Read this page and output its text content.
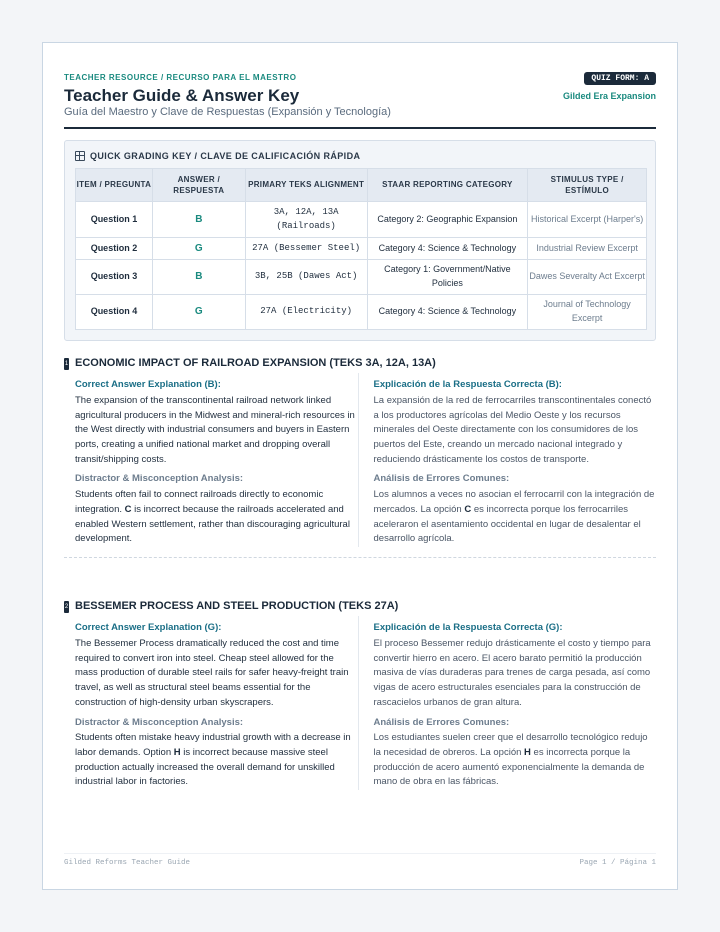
TEACHER RESOURCE / RECURSO PARA EL MAESTRO
Teacher Guide & Answer Key
Guía del Maestro y Clave de Respuestas (Expansión y Tecnología)
QUIZ FORM: A
Gilded Era Expansion
QUICK GRADING KEY / CLAVE DE CALIFICACIÓN RÁPIDA
ITEM / PREGUNTA	ANSWER / RESPUESTA	PRIMARY TEKS ALIGNMENT	STAAR REPORTING CATEGORY	STIMULUS TYPE / ESTÍMULO
Question 1	B	3A, 12A, 13A (Railroads)	Category 2: Geographic Expansion	Historical Excerpt (Harper's)
Question 2	G	27A (Bessemer Steel)	Category 4: Science & Technology	Industrial Review Excerpt
Question 3	B	3B, 25B (Dawes Act)	Category 1: Government/Native Policies	Dawes Severalty Act Excerpt
Question 4	G	27A (Electricity)	Category 4: Science & Technology	Journal of Technology Excerpt
1 ECONOMIC IMPACT OF RAILROAD EXPANSION (TEKS 3A, 12A, 13A)
Correct Answer Explanation (B):
The expansion of the transcontinental railroad network linked agricultural producers in the Midwest and mineral-rich resources in the West directly with industrial consumers and buyers in Eastern ports, creating a unified national market and dropping overall transit/shipping costs.
Distractor & Misconception Analysis:
Students often fail to connect railroads directly to economic integration. C is incorrect because the railroads accelerated and enabled Western settlement, rather than discouraging agricultural development.
Explicación de la Respuesta Correcta (B):
La expansión de la red de ferrocarriles transcontinentales conectó a los productores agrícolas del Medio Oeste y los recursos minerales del Oeste directamente con los consumidores de los puertos del Este, creando un mercado nacional integrado y reduciendo drásticamente los costos de transporte.
Análisis de Errores Comunes:
Los alumnos a veces no asocian el ferrocarril con la integración de mercados. La opción C es incorrecta porque los ferrocarriles aceleraron el asentamiento occidental en lugar de desalentar el desarrollo agrícola.
2 BESSEMER PROCESS AND STEEL PRODUCTION (TEKS 27A)
Correct Answer Explanation (G):
The Bessemer Process dramatically reduced the cost and time required to convert iron into steel. Cheap steel allowed for the mass production of durable steel rails for safer heavy-freight train travel, as well as structural steel beams essential for the construction of high-density urban skyscrapers.
Distractor & Misconception Analysis:
Students often mistake heavy industrial growth with a decrease in labor demands. Option H is incorrect because massive steel production actually increased the overall demand for unskilled industrial labor in factories.
Explicación de la Respuesta Correcta (G):
El proceso Bessemer redujo drásticamente el costo y tiempo para convertir hierro en acero. El acero barato permitió la producción masiva de vías duraderas para trenes de carga pesada, así como vigas de acero estructurales esenciales para la construcción de rascacielos urbanos de gran altura.
Análisis de Errores Comunes:
Los estudiantes suelen creer que el desarrollo tecnológico redujo la necesidad de obreros. La opción H es incorrecta porque la producción de acero aumentó exponencialmente la demanda de mano de obra en las fábricas.
Gilded Reforms Teacher Guide	Page 1 / Página 1
